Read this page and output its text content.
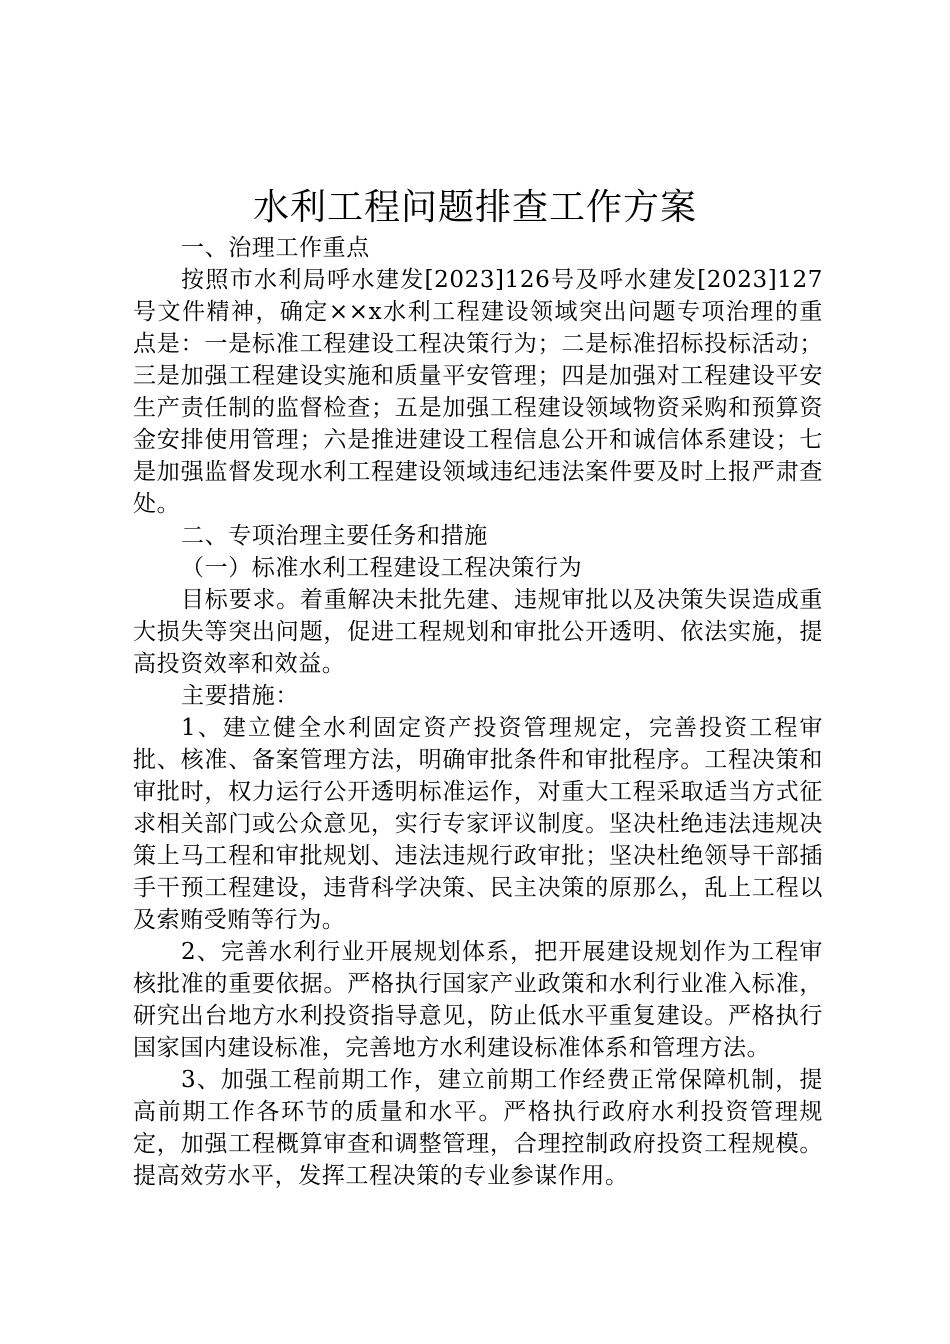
水利工程问题排查工作方案

一、治理工作重点

按照市水利局呼水建发[2023]126号及呼水建发[2023]127号文件精神，确定××x水利工程建设领域突出问题专项治理的重点是：一是标准工程建设工程决策行为；二是标准招标投标活动；三是加强工程建设实施和质量平安管理；四是加强对工程建设平安生产责任制的监督检查；五是加强工程建设领域物资采购和预算资金安排使用管理；六是推进建设工程信息公开和诚信体系建设；七是加强监督发现水利工程建设领域违纪违法案件要及时上报严肃查处。

二、专项治理主要任务和措施

（一）标准水利工程建设工程决策行为

目标要求。着重解决未批先建、违规审批以及决策失误造成重大损失等突出问题，促进工程规划和审批公开透明、依法实施，提高投资效率和效益。

主要措施：

1、建立健全水利固定资产投资管理规定，完善投资工程审批、核准、备案管理方法，明确审批条件和审批程序。工程决策和审批时，权力运行公开透明标准运作，对重大工程采取适当方式征求相关部门或公众意见，实行专家评议制度。坚决杜绝违法违规决策上马工程和审批规划、违法违规行政审批；坚决杜绝领导干部插手干预工程建设，违背科学决策、民主决策的原那么，乱上工程以及索贿受贿等行为。

2、完善水利行业开展规划体系，把开展建设规划作为工程审核批准的重要依据。严格执行国家产业政策和水利行业准入标准，研究出台地方水利投资指导意见，防止低水平重复建设。严格执行国家国内建设标准，完善地方水利建设标准体系和管理方法。

3、加强工程前期工作，建立前期工作经费正常保障机制，提高前期工作各环节的质量和水平。严格执行政府水利投资管理规定，加强工程概算审查和调整管理，合理控制政府投资工程规模。提高效劳水平，发挥工程决策的专业参谋作用。
